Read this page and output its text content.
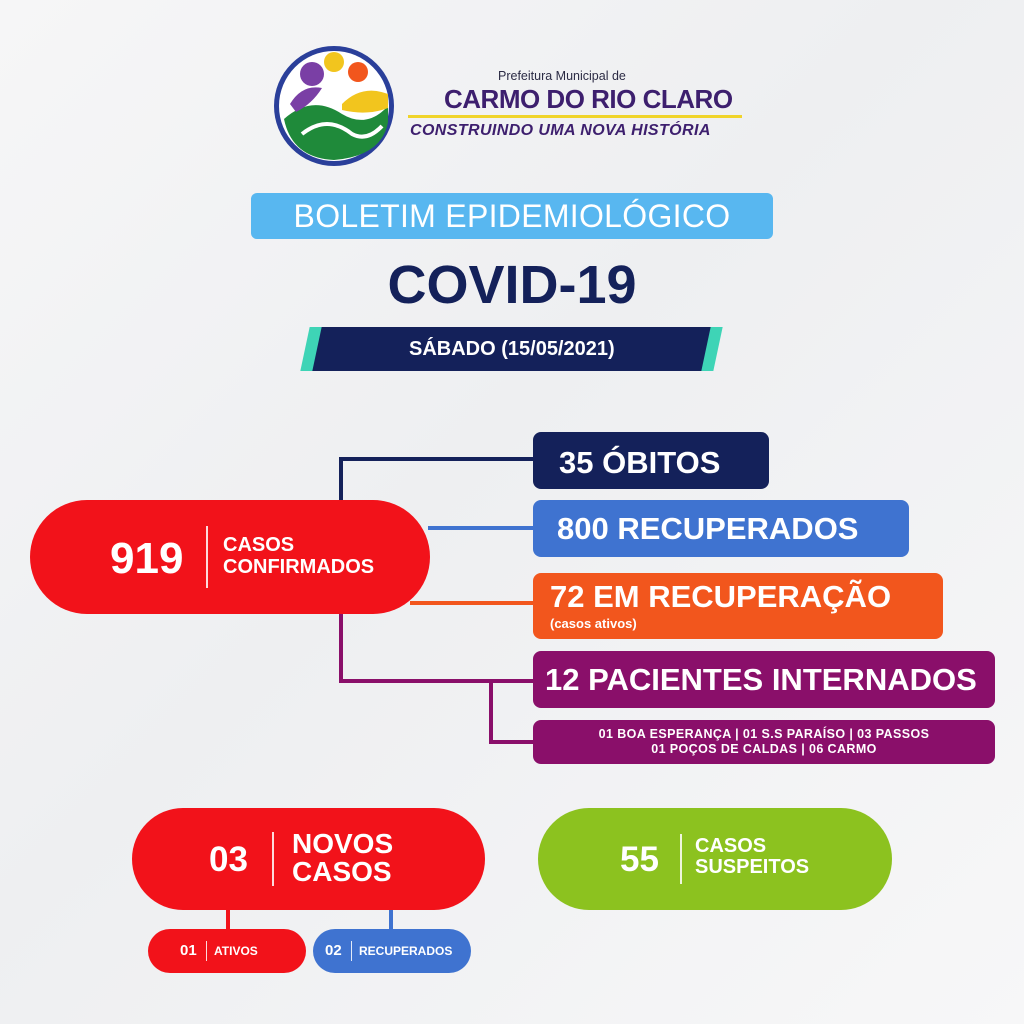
Prefeitura Municipal de
CARMO DO RIO CLARO
CONSTRUINDO UMA NOVA HISTÓRIA
BOLETIM EPIDEMIOLÓGICO
COVID-19
SÁBADO (15/05/2021)
919 CASOS
CONFIRMADOS
35 ÓBITOS
800 RECUPERADOS
72 EM RECUPERAÇÃO
(casos ativos)
12 PACIENTES INTERNADOS
01 BOA ESPERANÇA | 01 S.S PARAÍSO | 03 PASSOS
01 POÇOS DE CALDAS | 06 CARMO
03 NOVOS
CASOS
01 ATIVOS	02 RECUPERADOS
55 CASOS
SUSPEITOS
